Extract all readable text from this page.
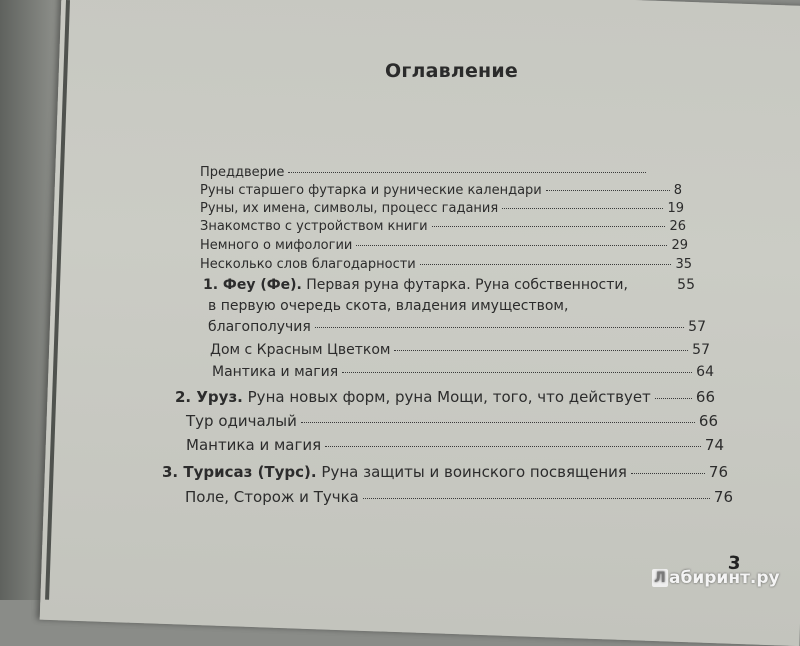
Оглавление
Преддверие
Руны старшего футарка и рунические календари	8
Руны, их имена, символы, процесс гадания	19
Знакомство с устройством книги	26
Немного о мифологии	29
Несколько слов благодарности	35
1. Феу (Фе). Первая руна футарка. Руна собственности,	55
в первую очередь скота, владения имуществом,
благополучия	57
Дом с Красным Цветком	57
Мантика и магия	64
2. Уруз. Руна новых форм, руна Мощи, того, что действует	66
Тур одичалый	66
Мантика и магия	74
3. Турисаз (Турс). Руна защиты и воинского посвящения	76
Поле, Сторож и Тучка	76
3
Л абиринт.ру
